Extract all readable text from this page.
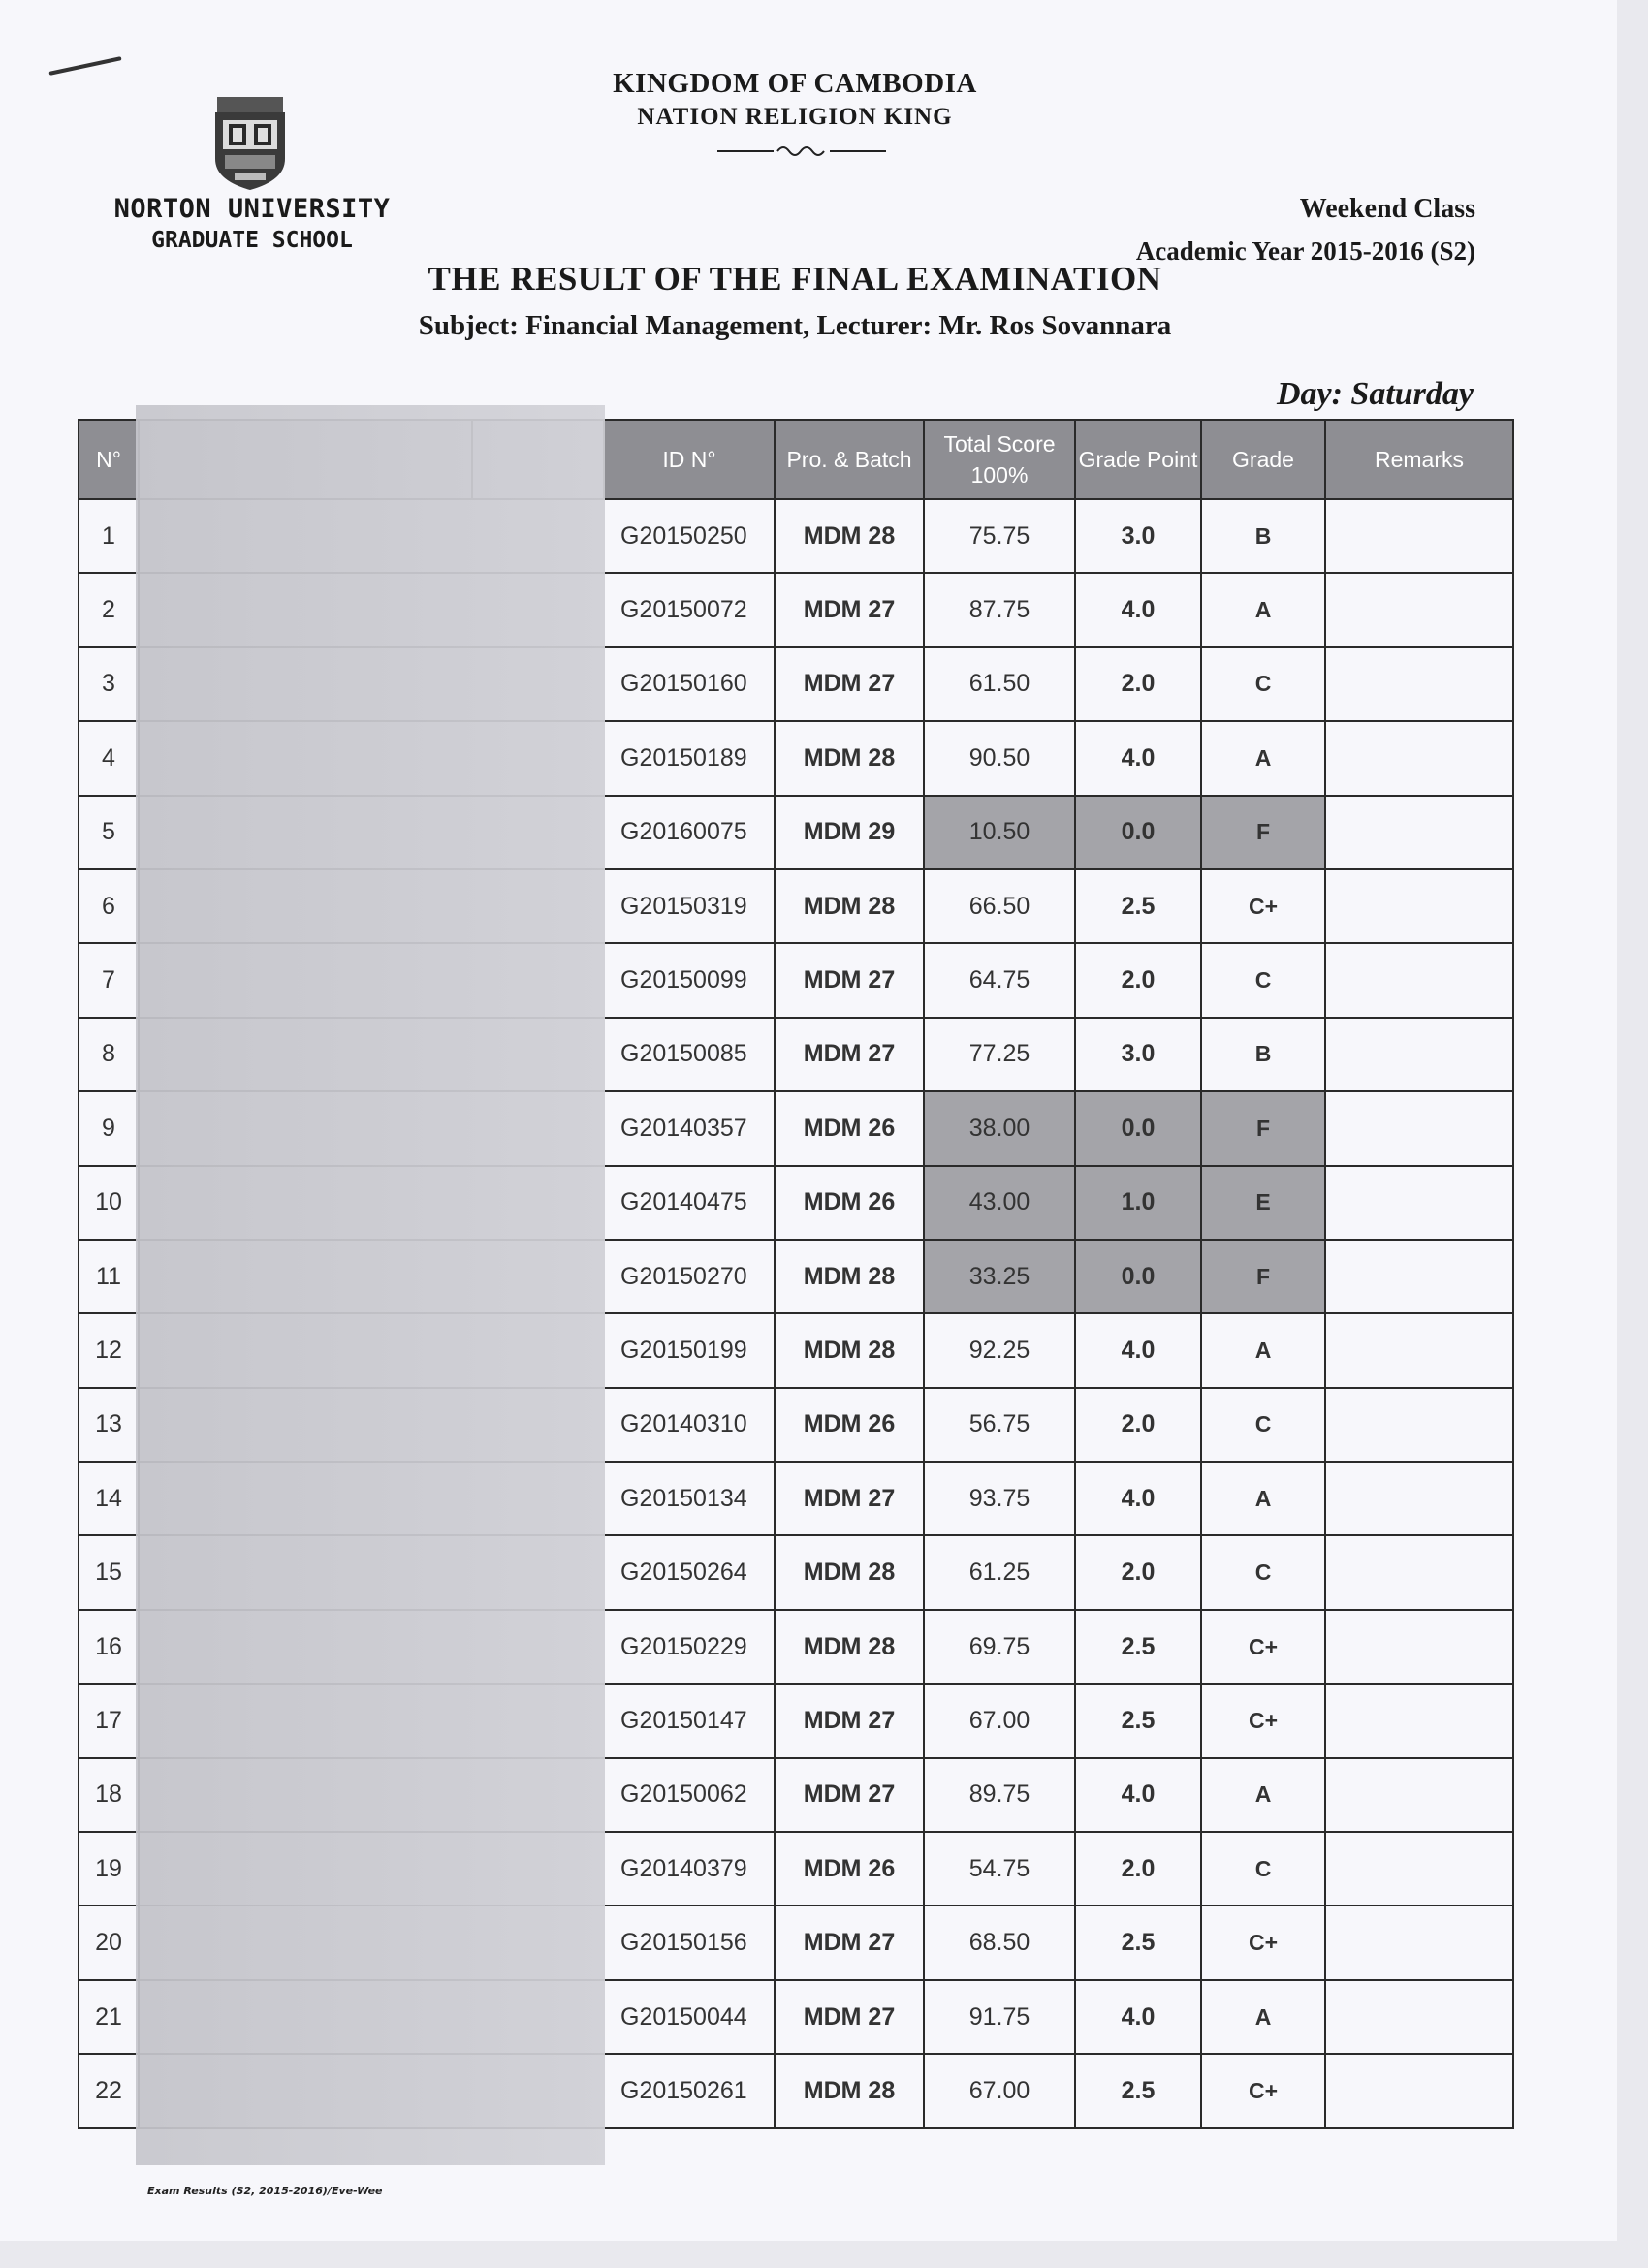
NORTON UNIVERSITY
GRADUATE SCHOOL
KINGDOM OF CAMBODIA
NATION RELIGION KING
Weekend Class
Academic Year 2015-2016 (S2)
THE RESULT OF THE FINAL EXAMINATION
Subject: Financial Management, Lecturer: Mr. Ros Sovannara
Day: Saturday
N°			ID N°	Pro. & Batch	Total Score 100%	Grade Point	Grade	Remarks
1			G20150250	MDM 28	75.75	3.0	B	
2			G20150072	MDM 27	87.75	4.0	A	
3			G20150160	MDM 27	61.50	2.0	C	
4			G20150189	MDM 28	90.50	4.0	A	
5			G20160075	MDM 29	10.50	0.0	F	
6			G20150319	MDM 28	66.50	2.5	C+	
7			G20150099	MDM 27	64.75	2.0	C	
8			G20150085	MDM 27	77.25	3.0	B	
9			G20140357	MDM 26	38.00	0.0	F	
10			G20140475	MDM 26	43.00	1.0	E	
11			G20150270	MDM 28	33.25	0.0	F	
12			G20150199	MDM 28	92.25	4.0	A	
13			G20140310	MDM 26	56.75	2.0	C	
14			G20150134	MDM 27	93.75	4.0	A	
15			G20150264	MDM 28	61.25	2.0	C	
16			G20150229	MDM 28	69.75	2.5	C+	
17			G20150147	MDM 27	67.00	2.5	C+	
18			G20150062	MDM 27	89.75	4.0	A	
19			G20140379	MDM 26	54.75	2.0	C	
20			G20150156	MDM 27	68.50	2.5	C+	
21			G20150044	MDM 27	91.75	4.0	A	
22			G20150261	MDM 28	67.00	2.5	C+	
Exam Results (S2, 2015-2016)/Eve-Wee
